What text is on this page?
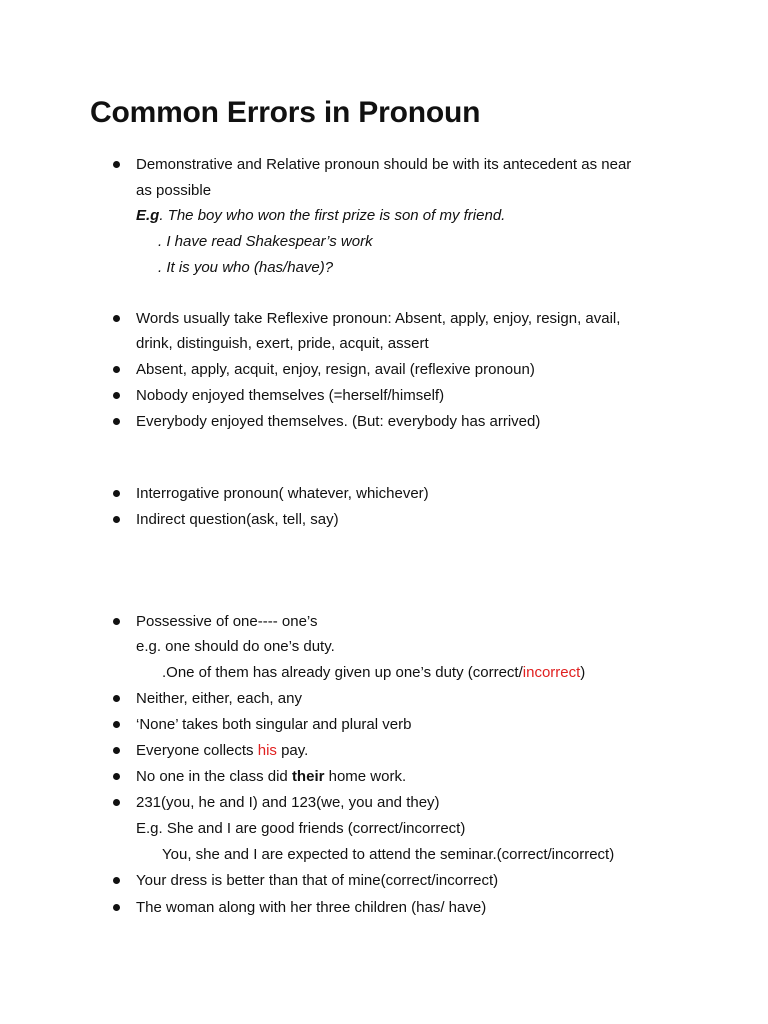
Common Errors in Pronoun
Demonstrative and Relative pronoun should be with its antecedent as near
as possible
E.g. The boy who won the first prize is son of my friend.
. I have read Shakespear’s work
. It is you who (has/have)?
Words usually take Reflexive pronoun: Absent, apply, enjoy, resign, avail,
drink, distinguish, exert, pride, acquit, assert
Absent, apply, acquit, enjoy, resign, avail (reflexive pronoun)
Nobody enjoyed themselves (=herself/himself)
Everybody enjoyed themselves. (But: everybody has arrived)
Interrogative pronoun( whatever, whichever)
Indirect question(ask, tell, say)
Possessive of one---- one’s
e.g. one should do one’s duty.
.One of them has already given up one’s duty (correct/incorrect)
Neither, either, each, any
‘None’ takes both singular and plural verb
Everyone collects his pay.
No one in the class did their home work.
231(you, he and I) and 123(we, you and they)
E.g. She and I are good friends (correct/incorrect)
You, she and I are expected to attend the seminar.(correct/incorrect)
Your dress is better than that of mine(correct/incorrect)
The woman along with her three children (has/ have)
